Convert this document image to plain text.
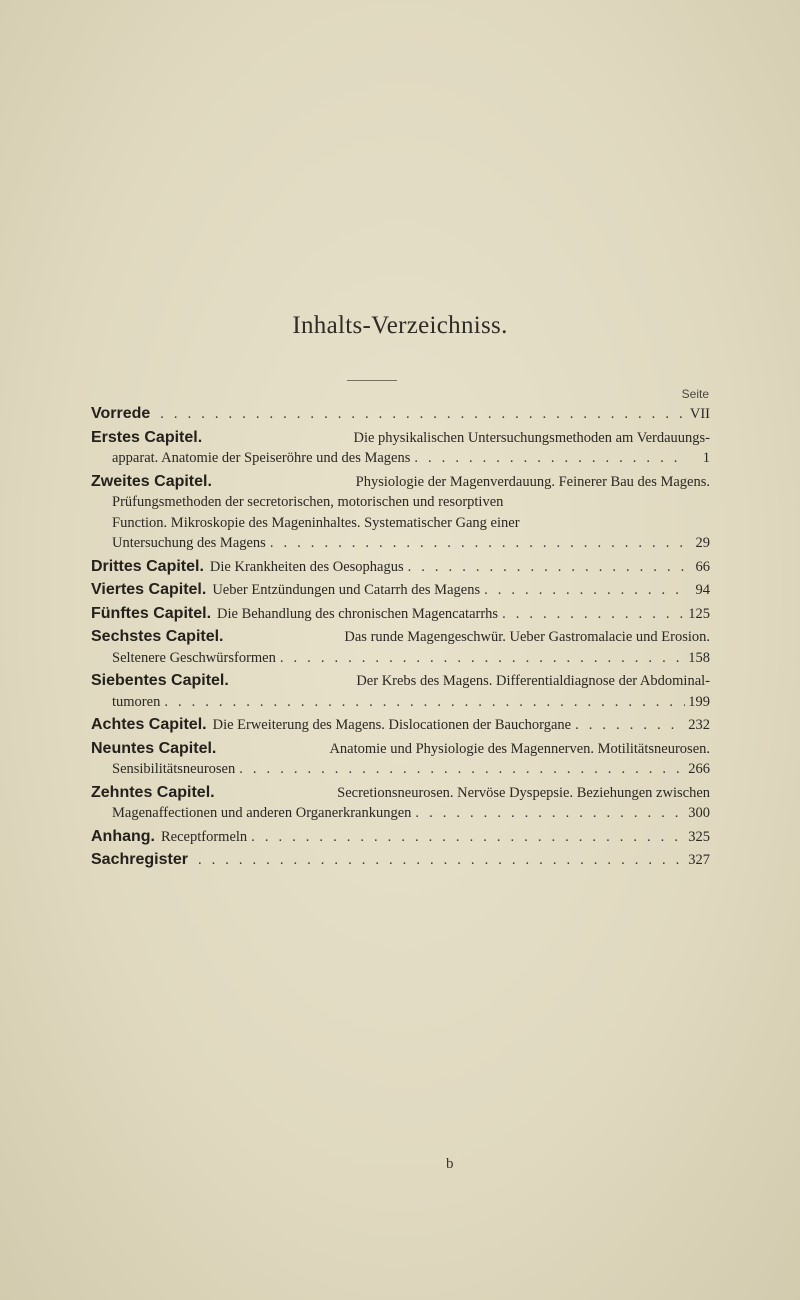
Inhalts-Verzeichniss.
Seite
Vorrede . . .	VII
Erstes Capitel.	Die physikalischen Untersuchungsmethoden am Verdauungs-
apparat. Anatomie der Speiseröhre und des Magens . . .	1
Zweites Capitel.	Physiologie der Magenverdauung. Feinerer Bau des Magens.
Prüfungsmethoden der secretorischen, motorischen und resorptiven
Function. Mikroskopie des Mageninhaltes. Systematischer Gang einer
Untersuchung des Magens . . .	29
Drittes Capitel. Die Krankheiten des Oesophagus . . .	66
Viertes Capitel. Ueber Entzündungen und Catarrh des Magens . . .	94
Fünftes Capitel. Die Behandlung des chronischen Magencatarrhs . . .	125
Sechstes Capitel.	Das runde Magengeschwür. Ueber Gastromalacie und Erosion.
Seltenere Geschwürsformen . . .	158
Siebentes Capitel.	Der Krebs des Magens. Differentialdiagnose der Abdominal-
tumoren . . .	199
Achtes Capitel. Die Erweiterung des Magens. Dislocationen der Bauchorgane . . .	232
Neuntes Capitel.	Anatomie und Physiologie des Magennerven. Motilitätsneurosen.
Sensibilitätsneurosen . . .	266
Zehntes Capitel.	Secretionsneurosen. Nervöse Dyspepsie. Beziehungen zwischen
Magenaffectionen und anderen Organerkrankungen . . .	300
Anhang. Receptformeln . . .	325
Sachregister . . .	327
b
